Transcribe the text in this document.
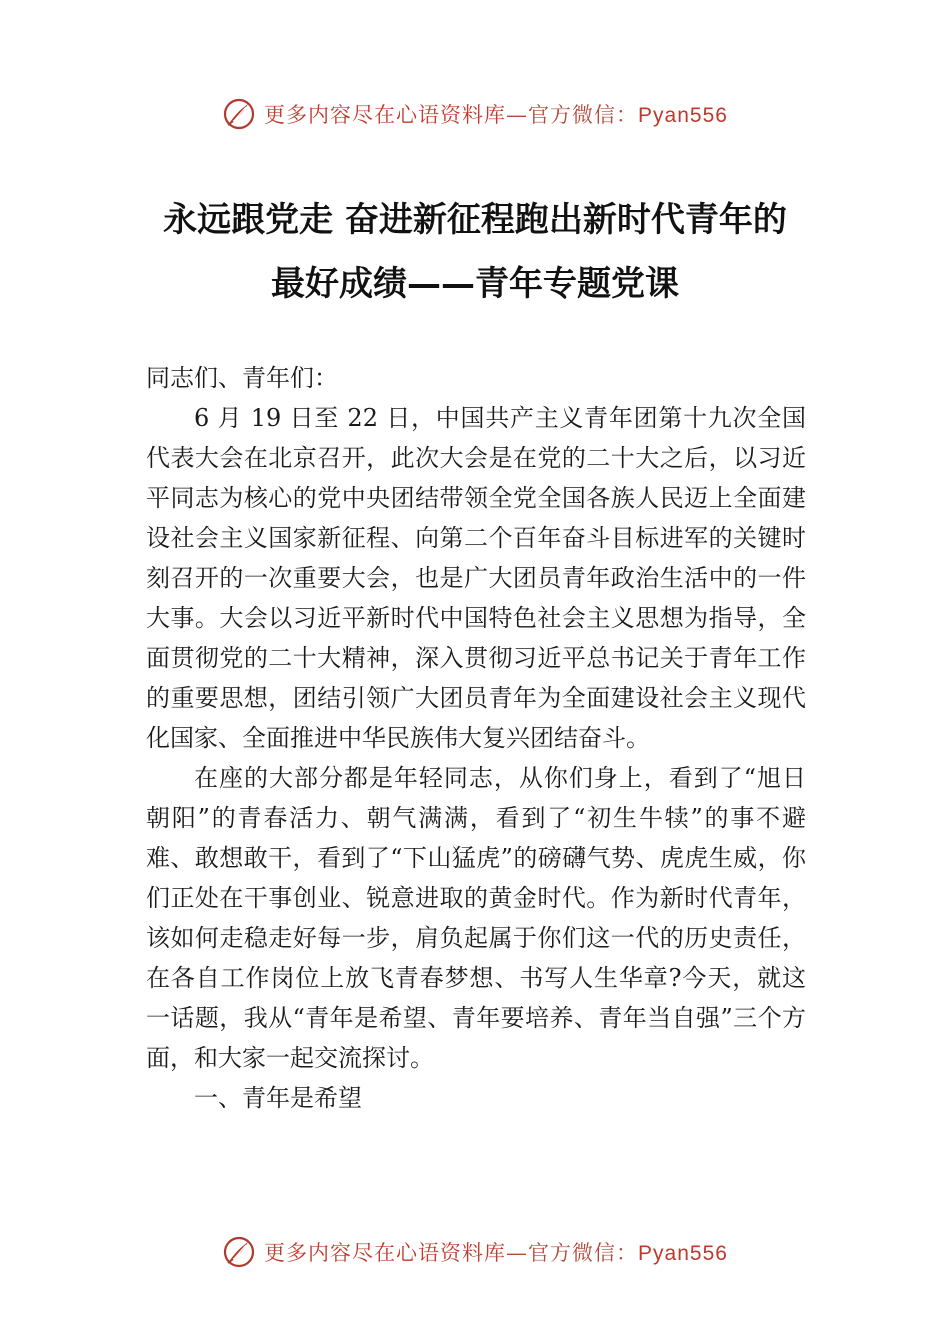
更多内容尽在心语资料库—官方微信：Pyan556
永远跟党走 奋进新征程跑出新时代青年的
最好成绩——青年专题党课

同志们、青年们：

6 月 19 日至 22 日，中国共产主义青年团第十九次全国代表大会在北京召开，此次大会是在党的二十大之后，以习近平同志为核心的党中央团结带领全党全国各族人民迈上全面建设社会主义国家新征程、向第二个百年奋斗目标进军的关键时刻召开的一次重要大会，也是广大团员青年政治生活中的一件大事。大会以习近平新时代中国特色社会主义思想为指导，全面贯彻党的二十大精神，深入贯彻习近平总书记关于青年工作的重要思想，团结引领广大团员青年为全面建设社会主义现代化国家、全面推进中华民族伟大复兴团结奋斗。

在座的大部分都是年轻同志，从你们身上，看到了“旭日朝阳”的青春活力、朝气满满，看到了“初生牛犊”的事不避难、敢想敢干，看到了“下山猛虎”的磅礴气势、虎虎生威，你们正处在干事创业、锐意进取的黄金时代。作为新时代青年，该如何走稳走好每一步，肩负起属于你们这一代的历史责任，在各自工作岗位上放飞青春梦想、书写人生华章?今天，就这一话题，我从“青年是希望、青年要培养、青年当自强”三个方面，和大家一起交流探讨。

一、青年是希望

更多内容尽在心语资料库—官方微信：Pyan556
